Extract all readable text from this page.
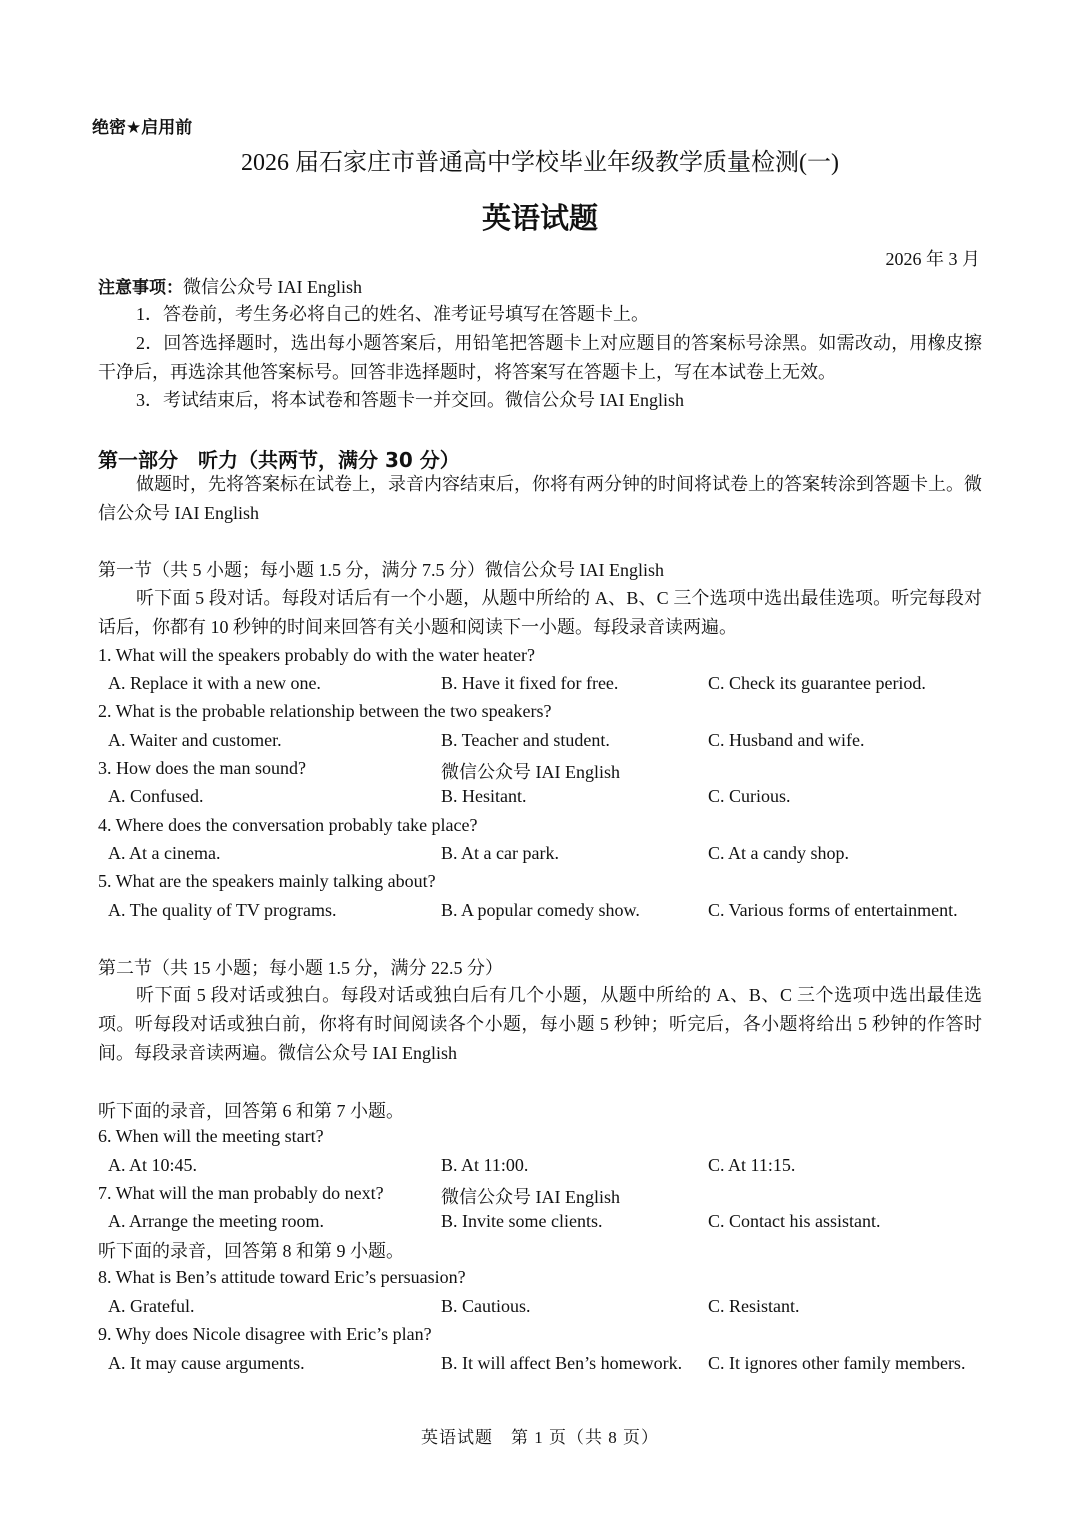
绝密★启用前
2026 届石家庄市普通高中学校毕业年级教学质量检测(一)
英语试题
2026 年 3 月
注意事项：微信公众号 IAI English
1．答卷前，考生务必将自己的姓名、准考证号填写在答题卡上。
2．回答选择题时，选出每小题答案后，用铅笔把答题卡上对应题目的答案标号涂黑。如需改动，用橡皮擦干净后，再选涂其他答案标号。回答非选择题时，将答案写在答题卡上，写在本试卷上无效。
3．考试结束后，将本试卷和答题卡一并交回。微信公众号 IAI English
第一部分　听力（共两节，满分 30 分）
做题时，先将答案标在试卷上，录音内容结束后，你将有两分钟的时间将试卷上的答案转涂到答题卡上。微信公众号 IAI English
第一节（共 5 小题；每小题 1.5 分，满分 7.5 分）微信公众号 IAI English
听下面 5 段对话。每段对话后有一个小题，从题中所给的 A、B、C 三个选项中选出最佳选项。听完每段对话后，你都有 10 秒钟的时间来回答有关小题和阅读下一小题。每段录音读两遍。
1. What will the speakers probably do with the water heater?
A. Replace it with a new one.	B. Have it fixed for free.	C. Check its guarantee period.
2. What is the probable relationship between the two speakers?
A. Waiter and customer.	B. Teacher and student.	C. Husband and wife.
3. How does the man sound?	微信公众号 IAI English
A. Confused.	B. Hesitant.	C. Curious.
4. Where does the conversation probably take place?
A. At a cinema.	B. At a car park.	C. At a candy shop.
5. What are the speakers mainly talking about?
A. The quality of TV programs.	B. A popular comedy show.	C. Various forms of entertainment.
第二节（共 15 小题；每小题 1.5 分，满分 22.5 分）
听下面 5 段对话或独白。每段对话或独白后有几个小题，从题中所给的 A、B、C 三个选项中选出最佳选项。听每段对话或独白前，你将有时间阅读各个小题，每小题 5 秒钟；听完后，各小题将给出 5 秒钟的作答时间。每段录音读两遍。微信公众号 IAI English
听下面的录音，回答第 6 和第 7 小题。
6. When will the meeting start?
A. At 10:45.	B. At 11:00.	C. At 11:15.
7. What will the man probably do next?	微信公众号 IAI English
A. Arrange the meeting room.	B. Invite some clients.	C. Contact his assistant.
听下面的录音，回答第 8 和第 9 小题。
8. What is Ben’s attitude toward Eric’s persuasion?
A. Grateful.	B. Cautious.	C. Resistant.
9. Why does Nicole disagree with Eric’s plan?
A. It may cause arguments.	B. It will affect Ben’s homework. C. It ignores other family members.
英语试题　第 1 页（共 8 页）
